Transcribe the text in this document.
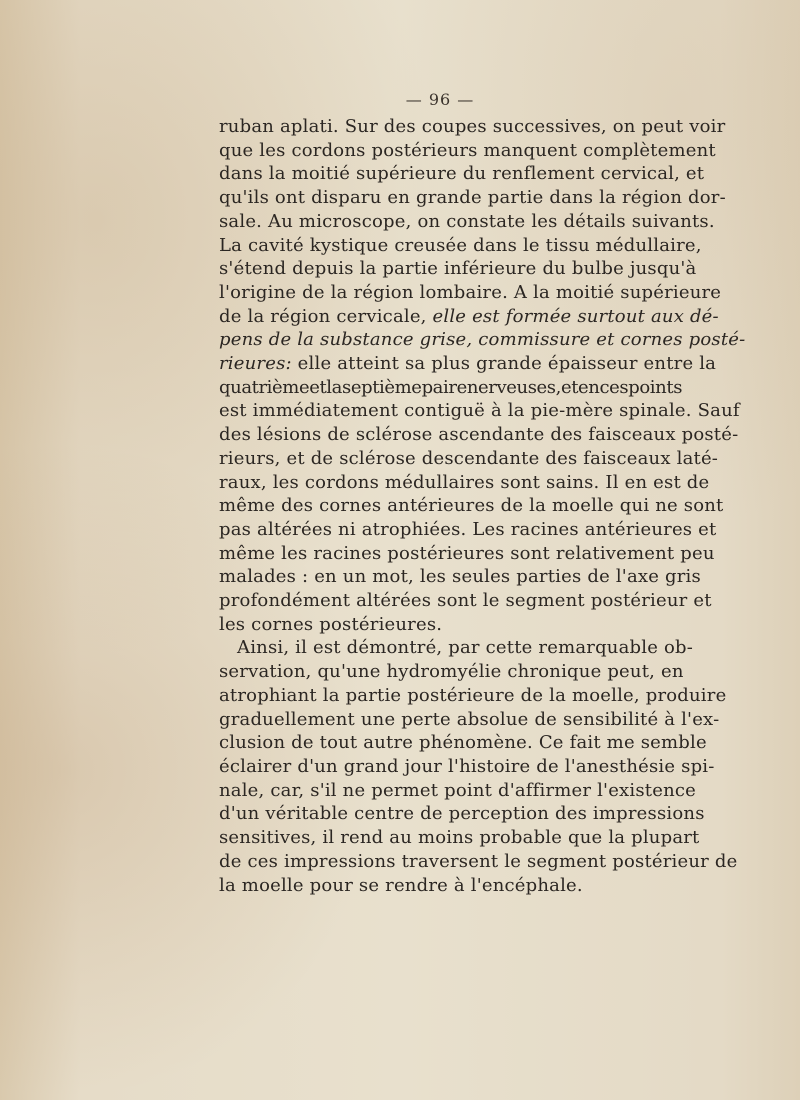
— 96 —
ruban aplati. Sur des coupes successives, on peut voir
que les cordons postérieurs manquent complètement
dans la moitié supérieure du renflement cervical, et
qu'ils ont disparu en grande partie dans la région dor-
sale. Au microscope, on constate les détails suivants.
La cavité kystique creusée dans le tissu médullaire,
s'étend depuis la partie inférieure du bulbe jusqu'à
l'origine de la région lombaire. A la moitié supérieure
de la région cervicale, elle est formée surtout aux dé-
pens de la substance grise, commissure et cornes posté-
rieures: elle atteint sa plus grande épaisseur entre la
quatrièmeetlaseptièmepairenerveuses,etencespoints
est immédiatement contiguë à la pie-mère spinale. Sauf
des lésions de sclérose ascendante des faisceaux posté-
rieurs, et de sclérose descendante des faisceaux laté-
raux, les cordons médullaires sont sains. Il en est de
même des cornes antérieures de la moelle qui ne sont
pas altérées ni atrophiées. Les racines antérieures et
même les racines postérieures sont relativement peu
malades : en un mot, les seules parties de l'axe gris
profondément altérées sont le segment postérieur et
les cornes postérieures.
Ainsi, il est démontré, par cette remarquable ob-
servation, qu'une hydromyélie chronique peut, en
atrophiant la partie postérieure de la moelle, produire
graduellement une perte absolue de sensibilité à l'ex-
clusion de tout autre phénomène. Ce fait me semble
éclairer d'un grand jour l'histoire de l'anesthésie spi-
nale, car, s'il ne permet point d'affirmer l'existence
d'un véritable centre de perception des impressions
sensitives, il rend au moins probable que la plupart
de ces impressions traversent le segment postérieur de
la moelle pour se rendre à l'encéphale.
